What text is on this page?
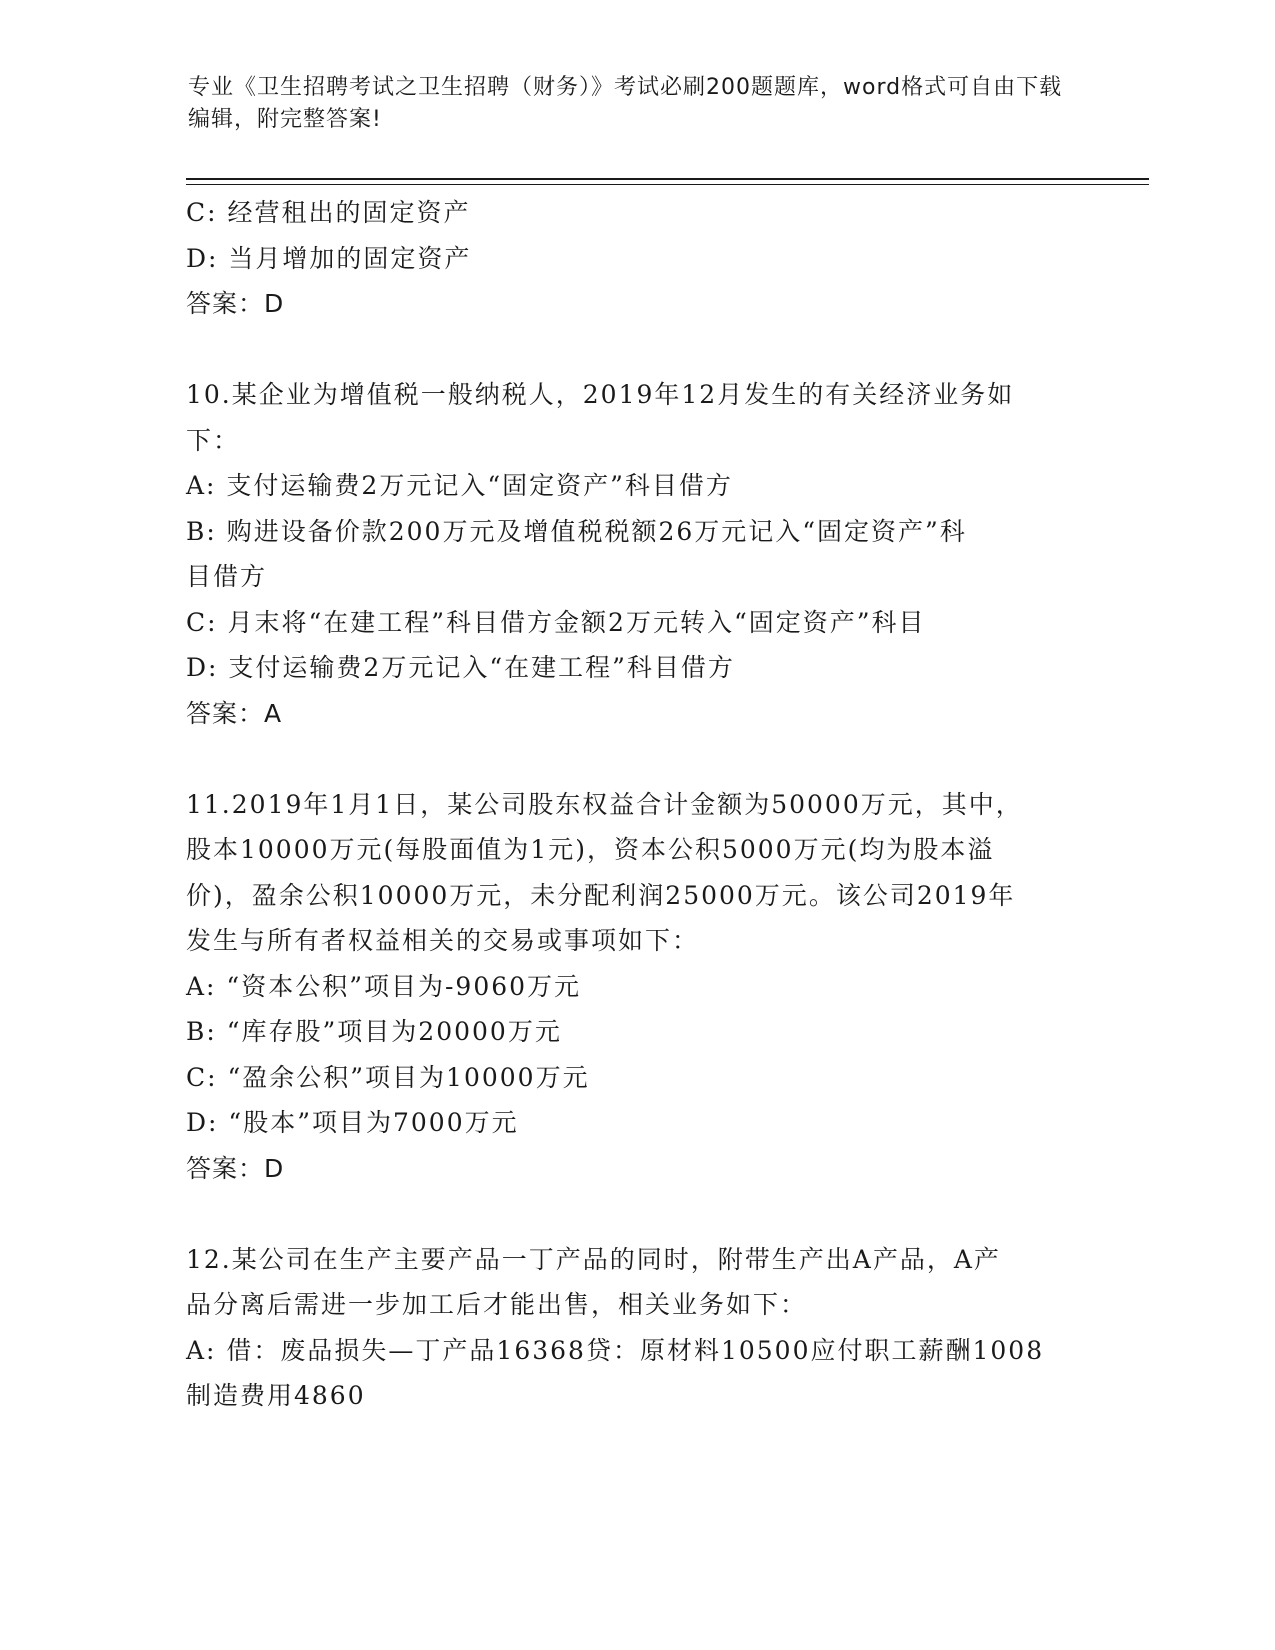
专业《卫生招聘考试之卫生招聘（财务）》考试必刷200题题库，word格式可自由下载编辑，附完整答案!
C: 经营租出的固定资产
D: 当月增加的固定资产
答案：D
10.某企业为增值税一般纳税人，2019年12月发生的有关经济业务如
下：
A: 支付运输费2万元记入“固定资产”科目借方
B: 购进设备价款200万元及增值税税额26万元记入“固定资产”科
目借方
C: 月末将“在建工程”科目借方金额2万元转入“固定资产”科目
D: 支付运输费2万元记入“在建工程”科目借方
答案：A
11.2019年1月1日，某公司股东权益合计金额为50000万元，其中，
股本10000万元(每股面值为1元)，资本公积5000万元(均为股本溢
价)，盈余公积10000万元，未分配利润25000万元。该公司2019年
发生与所有者权益相关的交易或事项如下：
A: “资本公积”项目为-9060万元
B: “库存股”项目为20000万元
C: “盈余公积”项目为10000万元
D: “股本”项目为7000万元
答案：D
12.某公司在生产主要产品一丁产品的同时，附带生产出A产品，A产
品分离后需进一步加工后才能出售，相关业务如下：
A: 借：废品损失—丁产品16368贷：原材料10500应付职工薪酬1008
制造费用4860
